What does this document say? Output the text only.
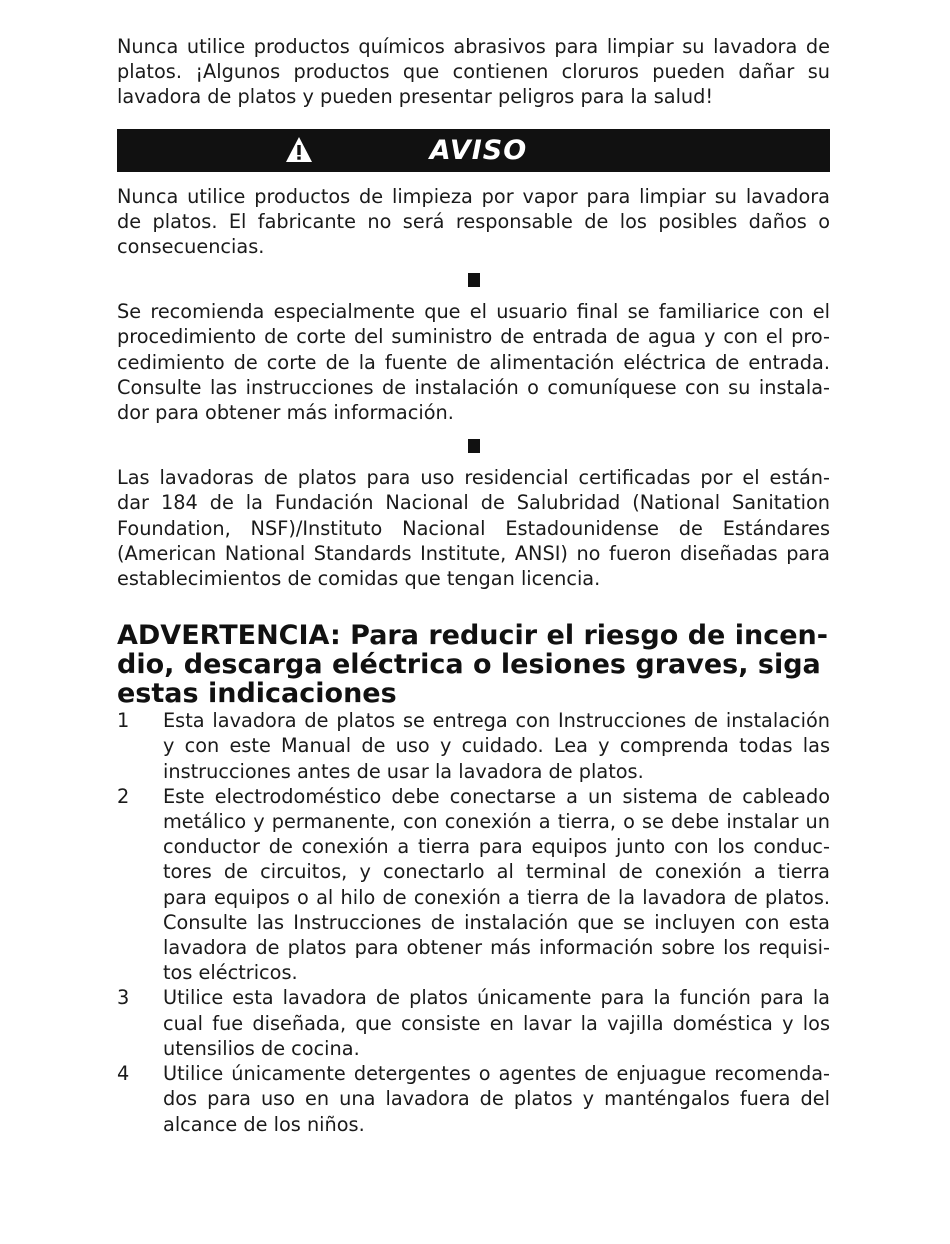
Nunca utilice productos químicos abrasivos para limpiar su lavadora de
platos. ¡Algunos productos que contienen cloruros pueden dañar su
lavadora de platos y pueden presentar peligros para la salud!

AVISO

Nunca utilice productos de limpieza por vapor para limpiar su lavadora
de platos. El fabricante no será responsable de los posibles daños o
consecuencias.

Se recomienda especialmente que el usuario final se familiarice con el
procedimiento de corte del suministro de entrada de agua y con el pro-
cedimiento de corte de la fuente de alimentación eléctrica de entrada.
Consulte las instrucciones de instalación o comuníquese con su instala-
dor para obtener más información.

Las lavadoras de platos para uso residencial certificadas por el están-
dar 184 de la Fundación Nacional de Salubridad (National Sanitation
Foundation, NSF)/Instituto Nacional Estadounidense de Estándares
(American National Standards Institute, ANSI) no fueron diseñadas para
establecimientos de comidas que tengan licencia.

ADVERTENCIA: Para reducir el riesgo de incen-
dio, descarga eléctrica o lesiones graves, siga
estas indicaciones
1 Esta lavadora de platos se entrega con Instrucciones de instalación
y con este Manual de uso y cuidado. Lea y comprenda todas las
instrucciones antes de usar la lavadora de platos.
2 Este electrodoméstico debe conectarse a un sistema de cableado
metálico y permanente, con conexión a tierra, o se debe instalar un
conductor de conexión a tierra para equipos junto con los conduc-
tores de circuitos, y conectarlo al terminal de conexión a tierra
para equipos o al hilo de conexión a tierra de la lavadora de platos.
Consulte las Instrucciones de instalación que se incluyen con esta
lavadora de platos para obtener más información sobre los requisi-
tos eléctricos.
3 Utilice esta lavadora de platos únicamente para la función para la
cual fue diseñada, que consiste en lavar la vajilla doméstica y los
utensilios de cocina.
4 Utilice únicamente detergentes o agentes de enjuague recomenda-
dos para uso en una lavadora de platos y manténgalos fuera del
alcance de los niños.
